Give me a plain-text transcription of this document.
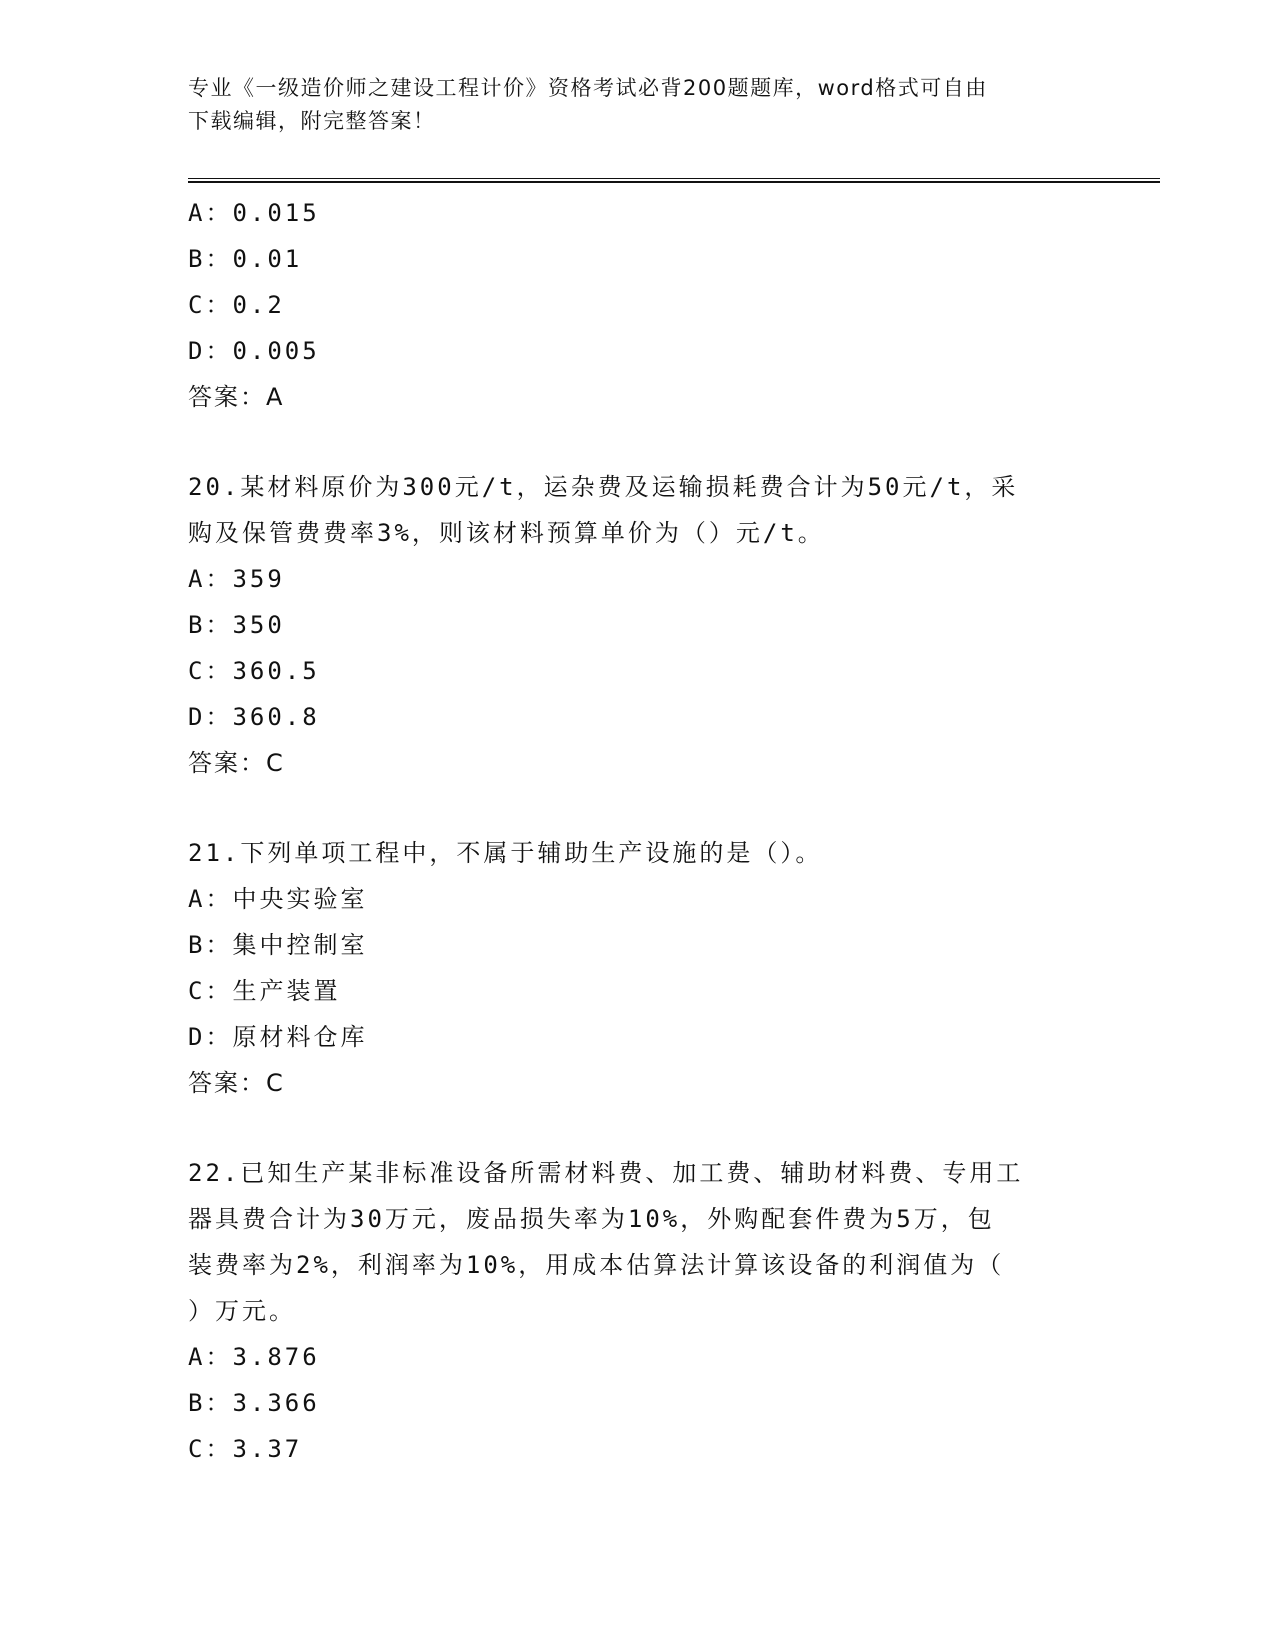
专业《一级造价师之建设工程计价》资格考试必背200题题库，word格式可自由
下载编辑，附完整答案！
A：0.015
B：0.01
C：0.2
D：0.005
答案：A
20.某材料原价为300元/t，运杂费及运输损耗费合计为50元/t，采
购及保管费费率3%，则该材料预算单价为（）元/t。
A：359
B：350
C：360.5
D：360.8
答案：C
21.下列单项工程中，不属于辅助生产设施的是（）。
A：中央实验室
B：集中控制室
C：生产装置
D：原材料仓库
答案：C
22.已知生产某非标准设备所需材料费、加工费、辅助材料费、专用工
器具费合计为30万元，废品损失率为10%，外购配套件费为5万，包
装费率为2%，利润率为10%，用成本估算法计算该设备的利润值为（
）万元。
A：3.876
B：3.366
C：3.37
